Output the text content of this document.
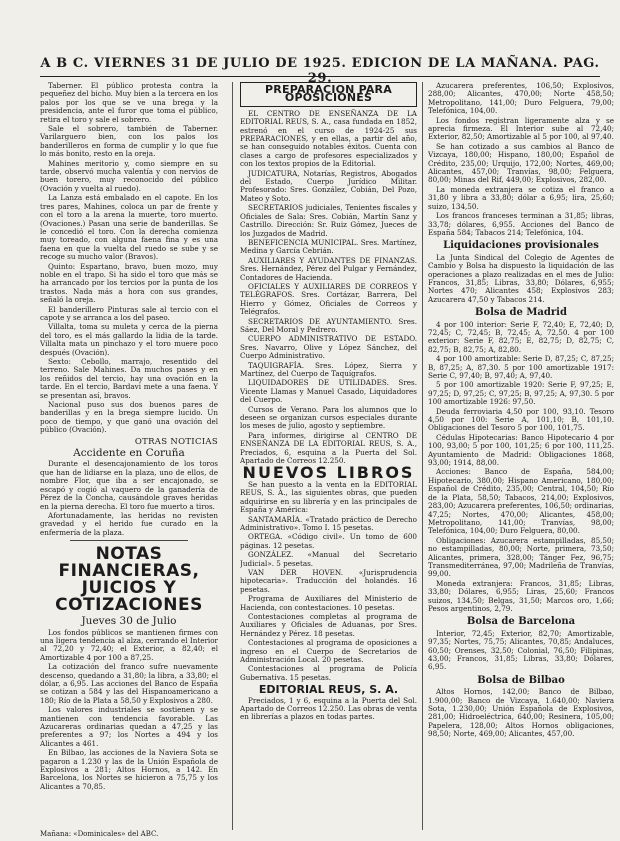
A B C. VIERNES 31 DE JULIO DE 1925. EDICION DE LA MAÑANA. PAG. 29.

Taberner. El público protesta contra la pequeñez del bicho. Muy bien a la tercera en los palos por los que se ve una brega y la presidencia, ante el furor que toma el público, retira el toro y sale el sobrero.

Sale el sobrero, también de Taberner. Varilarguero bien, con los palos los banderilleros en forma de cumplir y lo que fue lo más bonito, resto en la oreja.

Mahines meritorio y, como siempre en su tarde, observó mucha valentía y con nervios de buen torero, muy reconocido del público (Ovación y vuelta al ruedo).

La Lanza está embalado en el capote. En los tres pares, Mahines, coloca un par de frente y con el toro a la arena la muerte, toro muerto. (Ovaciones.) Pasan una serie de banderillas. Se le concedió el toro. Con la derecha comienza muy toreado, con alguna faena fina y es una faena en que la vuelta del ruedo se sube y se recoge su mucho valor (Bravos).

Quinto: Espartano, bravo, buen mozo, muy noble en el trapo. Si ha sido el toro que más se ha arrancado por los tercios por la punta de los trastos. Nada más a hora con sus grandes, señaló la oreja.

El banderillero Pinturas sale al tercio con el capote y se arranca a los del paseo.

Villalta, toma su muleta y cerca de la pierna del toro, es el más gallardo la lidia de la tarde. Villalta mata un pinchazo y el toro muere poco después (Ovación).

Sexto: Cebollo, marrajo, resentido del terreno. Sale Mahines. Da muchos pases y en los reñidos del tercio, hay una ovación en la tarde. En el tercio, Bardavi mete a una faena. Y se presentan así, bravos.

Nacional puso sus dos buenos pares de banderillas y en la brega siempre lucido. Un poco de tiempo, y que ganó una ovación del público (Ovación).

OTRAS NOTICIAS
Accidente en Coruña

Durante el desencajonamiento de los toros que han de lidiarse en la plaza, uno de ellos, de nombre Flor, que iba a ser encajonado, se escapó y cogió al vaquero de la ganadería de Pérez de la Concha, causándole graves heridas en la pierna derecha. El toro fue muerto a tiros.

Afortunadamente, las heridas no revisten gravedad y el herido fue curado en la enfermería de la plaza.

NOTAS FINANCIERAS, JUICIOS Y COTIZACIONES
Jueves 30 de Julio

Los fondos públicos se mantienen firmes con una ligera tendencia al alza, cerrando el Interior al 72,20 y 72,40; el Exterior, a 82,40; el Amortizable 4 por 100 a 87,25.

La cotización del franco sufre nuevamente descenso, quedando a 31,80; la libra, a 33,80; el dólar, a 6,95. Las acciones del Banco de España se cotizan a 584 y las del Hispanoamericano a 180; Río de la Plata a 58,50 y Explosivos a 280.

Los valores industriales se sostienen y se mantienen con tendencia favorable. Las Azucareras ordinarias quedan a 47,25 y las preferentes a 97; los Nortes a 494 y los Alicantes a 461.

En Bilbao, las acciones de la Naviera Sota se pagaron a 1.230 y las de la Unión Española de Explosivos a 281; Altos Hornos, a 142. En Barcelona, los Nortes se hicieron a 75,75 y los Alicantes a 70,85.

PREPARACION PARA OPOSICIONES

EL CENTRO DE ENSEÑANZA DE LA EDITORIAL REUS, S. A., casa fundada en 1852, estrenó en el curso de 1924-25 sus PREPARACIONES, y en ellas, a partir del año, se han conseguido notables éxitos. Cuenta con clases a cargo de profesores especializados y con los textos propios de la Editorial.

JUDICATURA, Notarías, Registros, Abogados del Estado, Cuerpo Jurídico Militar. Profesorado: Sres. González, Cobián, Del Pozo, Mateo y Soto.

SECRETARIOS judiciales, Tenientes fiscales y Oficiales de Sala: Sres. Cobián, Martín Sanz y Castrillo. Dirección: Sr. Ruiz Gómez, Jueces de los Juzgados de Madrid.

BENEFICENCIA MUNICIPAL. Sres. Martínez, Medina y García Cebrián.

AUXILIARES Y AYUDANTES DE FINANZAS. Sres. Hernández, Pérez del Pulgar y Fernández, Contadores de Hacienda.

OFICIALES Y AUXILIARES DE CORREOS Y TELÉGRAFOS. Sres. Cortázar, Barrera, Del Hierro y Gómez, Oficiales de Correos y Telégrafos.

SECRETARIOS DE AYUNTAMIENTO. Sres. Sáez, Del Moral y Pedrero.

CUERPO ADMINISTRATIVO DE ESTADO. Sres. Navarro, Olive y López Sánchez, del Cuerpo Administrativo.

TAQUIGRAFÍA. Sres. López, Sierra y Martínez, del Cuerpo de Taquígrafos.

LIQUIDADORES DE UTILIDADES. Sres. Vicente Llamas y Manuel Casado, Liquidadores del Cuerpo.

Cursos de Verano. Para los alumnos que lo deseen se organizan cursos especiales durante los meses de julio, agosto y septiembre.

Para informes, dirigirse al CENTRO DE ENSEÑANZA DE LA EDITORIAL REUS, S. A., Preciados, 6, esquina a la Puerta del Sol. Apartado de Correos 12.250.

NUEVOS LIBROS

Se han puesto a la venta en la EDITORIAL REUS, S. A., las siguientes obras, que pueden adquirirse en su librería y en las principales de España y América:

SANTAMARÍA. «Tratado práctico de Derecho Administrativo». Tomo I. 15 pesetas.

ORTEGA. «Código civil». Un tomo de 600 páginas. 12 pesetas.

GONZÁLEZ. «Manual del Secretario Judicial». 5 pesetas.

VAN DER HOVEN. «Jurisprudencia hipotecaria». Traducción del holandés. 16 pesetas.

Programa de Auxiliares del Ministerio de Hacienda, con contestaciones. 10 pesetas.

Contestaciones completas al programa de Auxiliares y Oficiales de Aduanas, por Sres. Hernández y Pérez. 18 pesetas.

Contestaciones al programa de oposiciones a ingreso en el Cuerpo de Secretarios de Administración Local. 20 pesetas.

Contestaciones al programa de Policía Gubernativa. 15 pesetas.

EDITORIAL REUS, S. A.

Preciados, 1 y 6, esquina a la Puerta del Sol. Apartado de Correos 12.250. Las obras de venta en librerías a plazos en todas partes.

Azucarera preferentes, 106,50; Explosivos, 288,00; Alicantes, 470,00; Norte 458,50; Metropolitano, 141,00; Duro Felguera, 79,00; Telefónica, 104,00.

Los fondos registran ligeramente alza y se aprecia firmeza. El Interior sube al 72,40; Exterior, 82,50; Amortizable al 5 por 100, al 97,40.

Se han cotizado a sus cambios al Banco de Vizcaya, 180,00; Hispano, 180,00; Español de Crédito, 235,00; Urquijo, 172,00; Nortes, 469,00; Alicantes, 457,00; Tranvías, 98,00; Felguera, 80,00; Minas del Rif, 449,00; Explosivos, 282,00.

La moneda extranjera se cotiza el franco a 31,80 y libra a 33,80; dólar a 6,95; lira, 25,60; suizo, 134,50.

Los francos franceses terminan a 31,85; libras, 33,78; dólares, 6,955. Acciones del Banco de España 584; Tabacos 214; Telefónica, 104.

Liquidaciones provisionales

La Junta Sindical del Colegio de Agentes de Cambio y Bolsa ha dispuesto la liquidación de las operaciones a plazo realizadas en el mes de Julio: Francos, 31,85; Libras, 33,80; Dólares, 6,955; Nortes 470; Alicantes 458; Explosivos 283; Azucarera 47,50 y Tabacos 214.

Bolsa de Madrid

4 por 100 interior: Serie F, 72,40; E, 72,40; D, 72,45; C, 72,45; B, 72,45; A, 72,50. 4 por 100 exterior: Serie F, 82,75; E, 82,75; D, 82,75; C, 82,75; B, 82,75; A, 82,80.

4 por 100 amortizable: Serie D, 87,25; C, 87,25; B, 87,25; A, 87,30. 5 por 100 amortizable 1917: Serie C, 97,40; B, 97,40; A, 97,40.

5 por 100 amortizable 1920: Serie F, 97,25; E, 97,25; D, 97,25; C, 97,25; B, 97,25; A, 97,30. 5 por 100 amortizable 1926: 97,50.

Deuda ferroviaria 4,50 por 100, 93,10. Tesoro 4,50 por 100: Serie A, 101,10; B, 101,10. Obligaciones del Tesoro 5 por 100, 101,75.

Cédulas Hipotecarias: Banco Hipotecario 4 por 100, 93,00; 5 por 100, 101,25; 6 por 100, 111,25. Ayuntamiento de Madrid: Obligaciones 1868, 93,00; 1914, 88,00.

Acciones: Banco de España, 584,00; Hipotecario, 380,00; Hispano Americano, 180,00; Español de Crédito, 235,00; Central, 104,50; Río de la Plata, 58,50; Tabacos, 214,00; Explosivos, 283,00; Azucarera preferentes, 106,50; ordinarias, 47,25; Nortes, 470,00; Alicantes, 458,00; Metropolitano, 141,00; Tranvías, 98,00; Telefónica, 104,00; Duro Felguera, 80,00.

Obligaciones: Azucarera estampilladas, 85,50; no estampilladas, 80,00; Norte, primera, 73,50; Alicantes, primera, 328,00; Tánger Fez, 96,75; Transmediterránea, 97,00; Madrileña de Tranvías, 99,00.

Moneda extranjera: Francos, 31,85; Libras, 33,80; Dólares, 6,955; Liras, 25,60; Francos suizos, 134,50; Belgas, 31,50; Marcos oro, 1,66; Pesos argentinos, 2,79.

Bolsa de Barcelona

Interior, 72,45; Exterior, 82,70; Amortizable, 97,35; Nortes, 75,75; Alicantes, 70,85; Andaluces, 60,50; Orenses, 32,50; Colonial, 76,50; Filipinas, 43,00; Francos, 31,85; Libras, 33,80; Dólares, 6,95.

Bolsa de Bilbao

Altos Hornos, 142,00; Banco de Bilbao, 1.900,00; Banco de Vizcaya, 1.640,00; Naviera Sota, 1.230,00; Unión Española de Explosivos, 281,00; Hidroeléctrica, 640,00; Resinera, 105,00; Papelera, 128,00; Altos Hornos obligaciones, 98,50; Norte, 469,00; Alicantes, 457,00.

Mañana: «Dominicales» del ABC.
